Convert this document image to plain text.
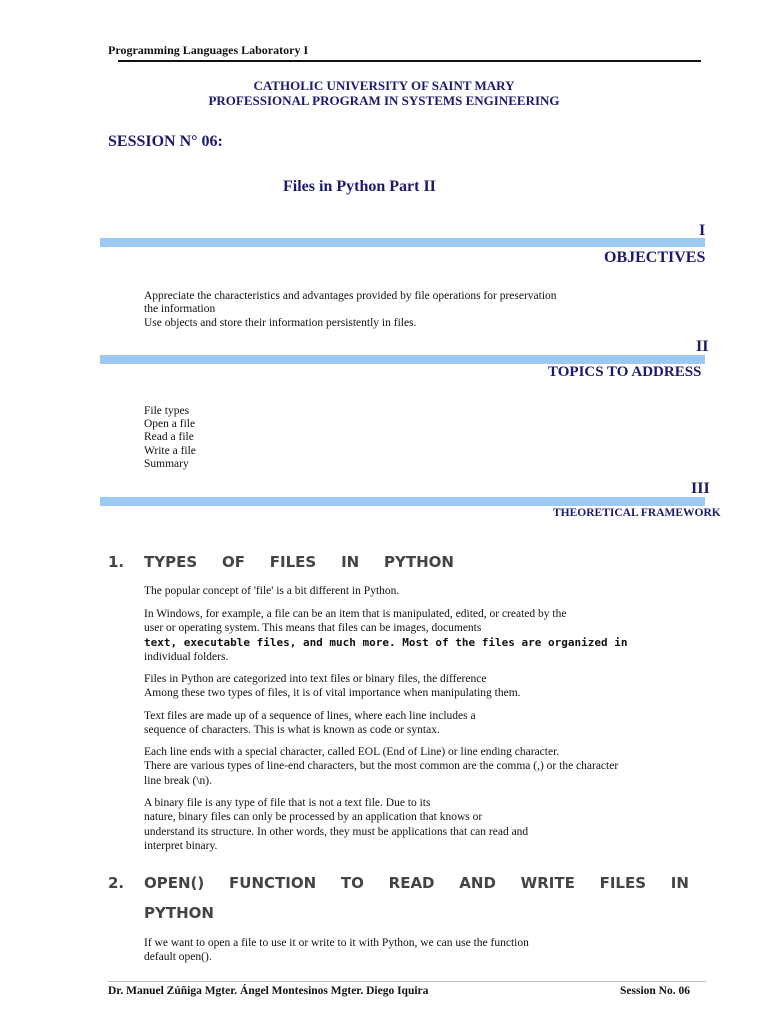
Programming Languages Laboratory I
CATHOLIC UNIVERSITY OF SAINT MARY
PROFESSIONAL PROGRAM IN SYSTEMS ENGINEERING
SESSION N° 06:
Files in Python Part II
I
OBJECTIVES
Appreciate the characteristics and advantages provided by file operations for preservation
the information
Use objects and store their information persistently in files.
II
TOPICS TO ADDRESS
File types
Open a file
Read a file
Write a file
Summary
III
THEORETICAL FRAMEWORK
1. TYPES OF FILES IN PYTHON
The popular concept of 'file' is a bit different in Python.
In Windows, for example, a file can be an item that is manipulated, edited, or created by the
user or operating system. This means that files can be images, documents
text, executable files, and much more. Most of the files are organized in
individual folders.
Files in Python are categorized into text files or binary files, the difference
Among these two types of files, it is of vital importance when manipulating them.
Text files are made up of a sequence of lines, where each line includes a
sequence of characters. This is what is known as code or syntax.
Each line ends with a special character, called EOL (End of Line) or line ending character.
There are various types of line-end characters, but the most common are the comma (,) or the character
line break (\n).
A binary file is any type of file that is not a text file. Due to its
nature, binary files can only be processed by an application that knows or
understand its structure. In other words, they must be applications that can read and
interpret binary.
2. OPEN() FUNCTION TO READ AND WRITE FILES IN
PYTHON
If we want to open a file to use it or write to it with Python, we can use the function
default open().
Dr. Manuel Zúñiga Mgter. Ángel Montesinos Mgter. Diego Iquira	Session No. 06
